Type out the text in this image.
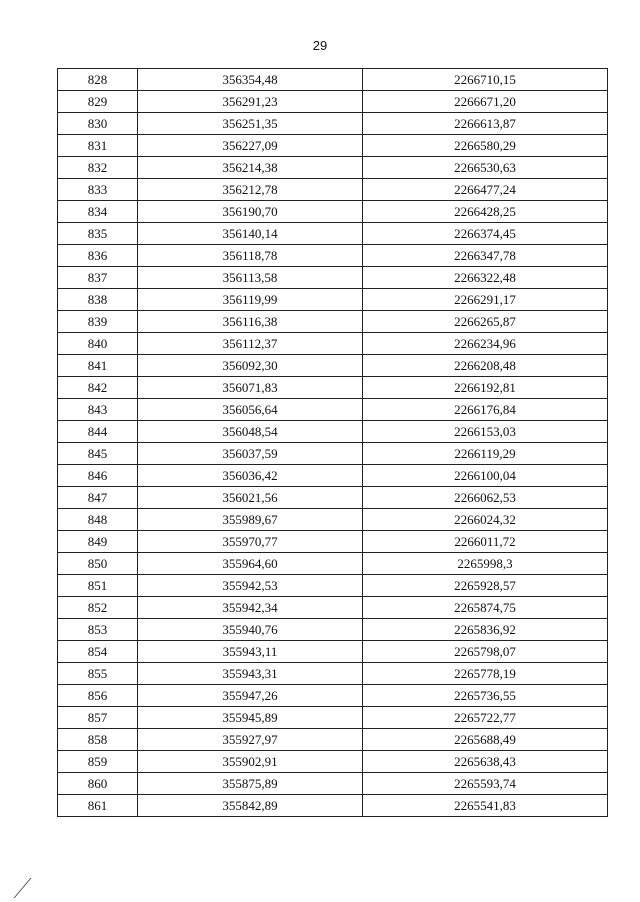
29
828	356354,48	2266710,15
829	356291,23	2266671,20
830	356251,35	2266613,87
831	356227,09	2266580,29
832	356214,38	2266530,63
833	356212,78	2266477,24
834	356190,70	2266428,25
835	356140,14	2266374,45
836	356118,78	2266347,78
837	356113,58	2266322,48
838	356119,99	2266291,17
839	356116,38	2266265,87
840	356112,37	2266234,96
841	356092,30	2266208,48
842	356071,83	2266192,81
843	356056,64	2266176,84
844	356048,54	2266153,03
845	356037,59	2266119,29
846	356036,42	2266100,04
847	356021,56	2266062,53
848	355989,67	2266024,32
849	355970,77	2266011,72
850	355964,60	2265998,3
851	355942,53	2265928,57
852	355942,34	2265874,75
853	355940,76	2265836,92
854	355943,11	2265798,07
855	355943,31	2265778,19
856	355947,26	2265736,55
857	355945,89	2265722,77
858	355927,97	2265688,49
859	355902,91	2265638,43
860	355875,89	2265593,74
861	355842,89	2265541,83
